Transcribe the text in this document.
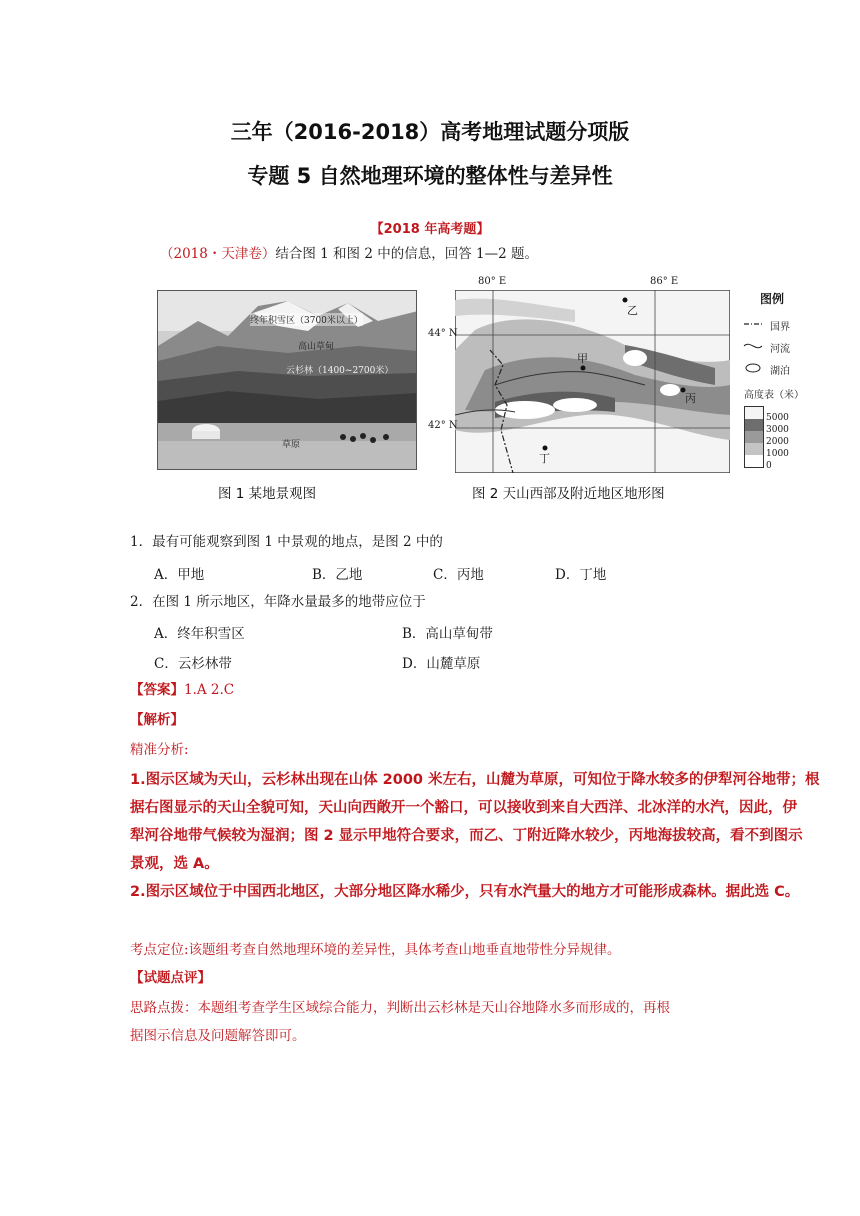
三年（2016-2018）高考地理试题分项版
专题 5 自然地理环境的整体性与差异性
【2018 年高考题】
（2018・天津卷）结合图 1 和图 2 中的信息，回答 1—2 题。
终年积雪区（3700米以上）
高山草甸
云杉林（1400~2700米）
草原
图 1 某地景观图
甲
乙
丙
丁
80° E	86° E
44° N
42° N
图例
国界
河流
湖泊
高度表（米）
5000
3000
2000
1000
0
图 2 天山西部及附近地区地形图
1．最有可能观察到图 1 中景观的地点，是图 2 中的
A．甲地	B．乙地	C．丙地	D．丁地
2．在图 1 所示地区，年降水量最多的地带应位于
A．终年积雪区	B．高山草甸带
C．云杉林带	D．山麓草原
【答案】1.A 2.C
【解析】
精准分析:
1.图示区域为天山，云杉林出现在山体 2000 米左右，山麓为草原，可知位于降水较多的伊犁河谷地带；根
据右图显示的天山全貌可知，天山向西敞开一个豁口，可以接收到来自大西洋、北冰洋的水汽，因此，伊
犁河谷地带气候较为湿润；图 2 显示甲地符合要求，而乙、丁附近降水较少，丙地海拔较高，看不到图示
景观，选 A。
2.图示区域位于中国西北地区，大部分地区降水稀少，只有水汽量大的地方才可能形成森林。据此选 C。
考点定位:该题组考查自然地理环境的差异性，具体考查山地垂直地带性分异规律。
【试题点评】
思路点拨：本题组考查学生区域综合能力，判断出云杉林是天山谷地降水多而形成的，再根
据图示信息及问题解答即可。
